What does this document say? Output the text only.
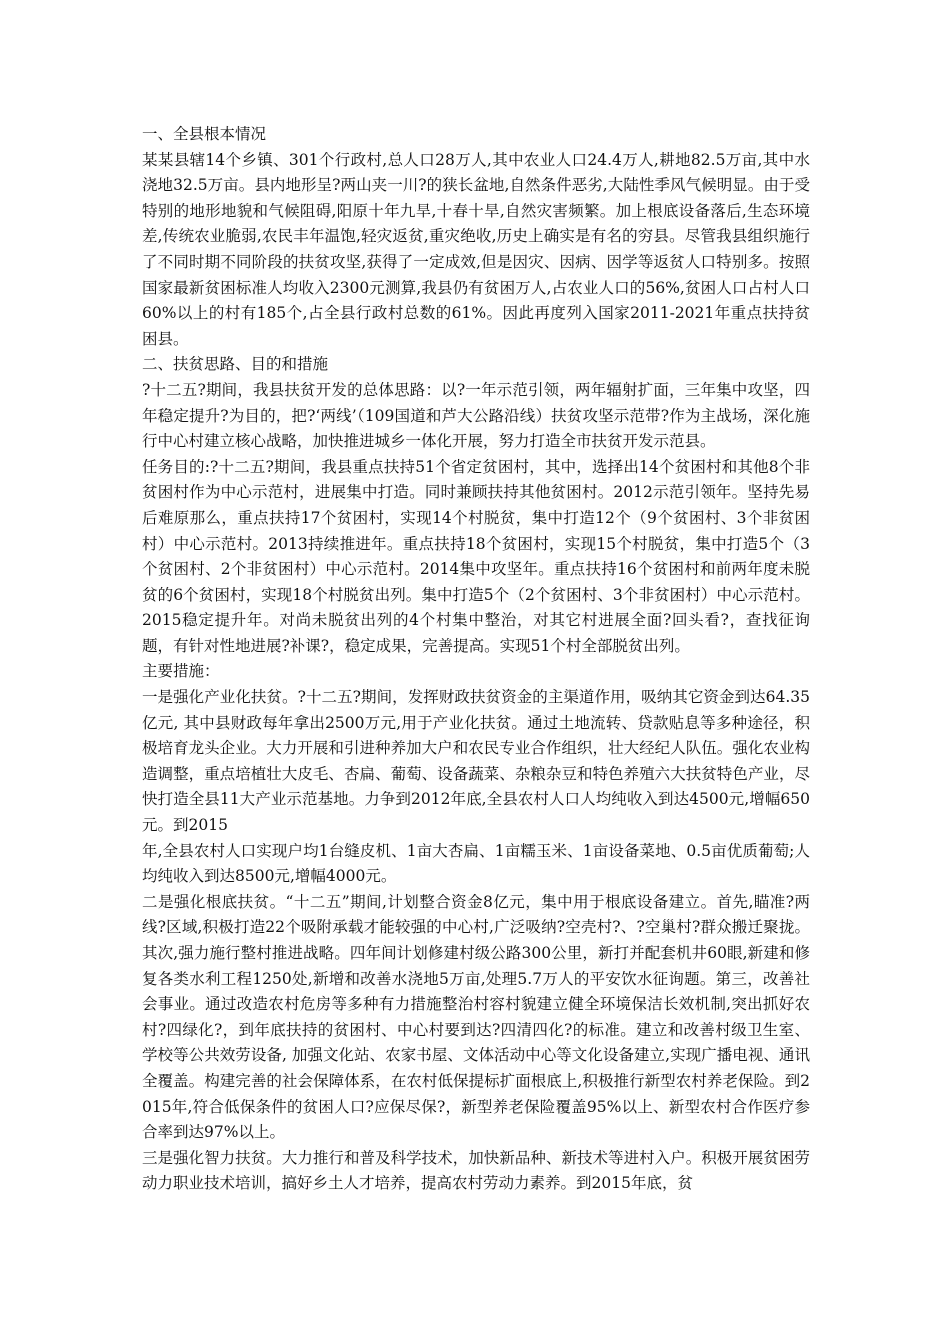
一、全县根本情况

某某县辖14个乡镇、301个行政村,总人口28万人,其中农业人口24.4万人,耕地82.5万亩,其中水浇地32.5万亩。县内地形呈?两山夹一川?的狭长盆地,自然条件恶劣,大陆性季风气候明显。由于受特别的地形地貌和气候阻碍,阳原十年九旱,十春十旱,自然灾害频繁。加上根底设备落后,生态环境差,传统农业脆弱,农民丰年温饱,轻灾返贫,重灾绝收,历史上确实是有名的穷县。尽管我县组织施行了不同时期不同阶段的扶贫攻坚,获得了一定成效,但是因灾、因病、因学等返贫人口特别多。按照国家最新贫困标准人均收入2300元测算,我县仍有贫困万人,占农业人口的56%,贫困人口占村人口60%以上的村有185个,占全县行政村总数的61%。因此再度列入国家2011-2021年重点扶持贫困县。

二、扶贫思路、目的和措施

?十二五?期间，我县扶贫开发的总体思路：以?一年示范引领，两年辐射扩面，三年集中攻坚，四年稳定提升?为目的，把?‘两线’（109国道和芦大公路沿线）扶贫攻坚示范带?作为主战场，深化施行中心村建立核心战略，加快推进城乡一体化开展，努力打造全市扶贫开发示范县。

任务目的:?十二五?期间，我县重点扶持51个省定贫困村，其中，选择出14个贫困村和其他8个非贫困村作为中心示范村，进展集中打造。同时兼顾扶持其他贫困村。2012示范引领年。坚持先易后难原那么，重点扶持17个贫困村，实现14个村脱贫，集中打造12个（9个贫困村、3个非贫困村）中心示范村。2013持续推进年。重点扶持18个贫困村，实现15个村脱贫，集中打造5个（3个贫困村、2个非贫困村）中心示范村。2014集中攻坚年。重点扶持16个贫困村和前两年度未脱贫的6个贫困村，实现18个村脱贫出列。集中打造5个（2个贫困村、3个非贫困村）中心示范村。2015稳定提升年。对尚未脱贫出列的4个村集中整治，对其它村进展全面?回头看?，查找征询题，有针对性地进展?补课?，稳定成果，完善提高。实现51个村全部脱贫出列。

主要措施：

一是强化产业化扶贫。?十二五?期间，发挥财政扶贫资金的主渠道作用，吸纳其它资金到达64.35亿元, 其中县财政每年拿出2500万元,用于产业化扶贫。通过土地流转、贷款贴息等多种途径，积极培育龙头企业。大力开展和引进种养加大户和农民专业合作组织，壮大经纪人队伍。强化农业构造调整，重点培植壮大皮毛、杏扁、葡萄、设备蔬菜、杂粮杂豆和特色养殖六大扶贫特色产业，尽快打造全县11大产业示范基地。力争到2012年底,全县农村人口人均纯收入到达4500元,增幅650元。到2015

年,全县农村人口实现户均1台缝皮机、1亩大杏扁、1亩糯玉米、1亩设备菜地、0.5亩优质葡萄;人均纯收入到达8500元,增幅4000元。

二是强化根底扶贫。“十二五”期间,计划整合资金8亿元，集中用于根底设备建立。首先,瞄准?两线?区域,积极打造22个吸附承载才能较强的中心村,广泛吸纳?空壳村?、?空巢村?群众搬迁聚拢。其次,强力施行整村推进战略。四年间计划修建村级公路300公里，新打并配套机井60眼,新建和修复各类水利工程1250处,新增和改善水浇地5万亩,处理5.7万人的平安饮水征询题。第三，改善社会事业。通过改造农村危房等多种有力措施整治村容村貌建立健全环境保洁长效机制,突出抓好农村?四绿化?，到年底扶持的贫困村、中心村要到达?四清四化?的标准。建立和改善村级卫生室、学校等公共效劳设备, 加强文化站、农家书屋、文体活动中心等文化设备建立,实现广播电视、通讯全覆盖。构建完善的社会保障体系，在农村低保提标扩面根底上,积极推行新型农村养老保险。到2015年,符合低保条件的贫困人口?应保尽保?，新型养老保险覆盖95%以上、新型农村合作医疗参合率到达97%以上。

三是强化智力扶贫。大力推行和普及科学技术，加快新品种、新技术等进村入户。积极开展贫困劳动力职业技术培训，搞好乡土人才培养，提高农村劳动力素养。到2015年底，贫
